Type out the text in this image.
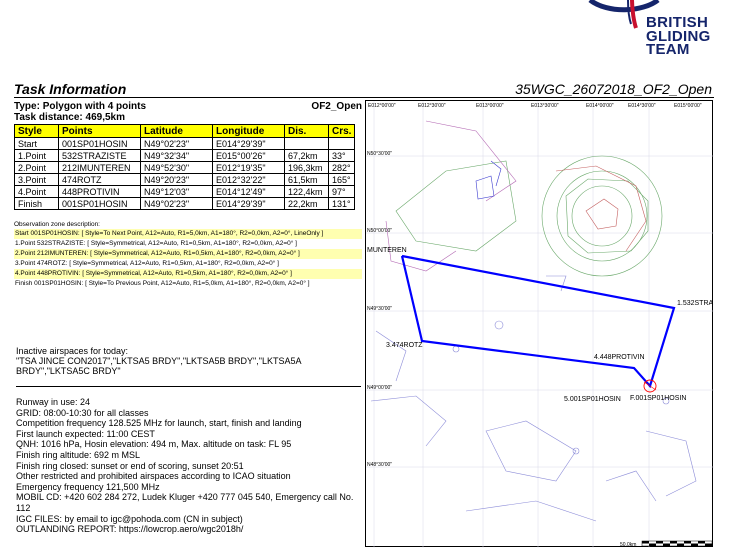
BRITISH
GLIDING
TEAM
Task Information	35WGC_26072018_OF2_Open
Type: Polygon with 4 points
Task distance: 469,5km
OF2_Open
Style	Points	Latitude	Longitude	Dis.	Crs.
Start	001SP01HOSIN	N49°02'23"	E014°29'39"		
1.Point	532STRAZISTE	N49°32'34"	E015°00'26"	67,2km	33°
2.Point	212IMUNTEREN	N49°52'30"	E012°19'35"	196,3km	282°
3.Point	474ROTZ	N49°20'23"	E012°32'22"	61,5km	165°
4.Point	448PROTIVIN	N49°12'03"	E014°12'49"	122,4km	97°
Finish	001SP01HOSIN	N49°02'23"	E014°29'39"	22,2km	131°
Observation zone description:
Start 001SP01HOSIN: [ Style=To Next Point, A12=Auto, R1=5,0km, A1=180°, R2=0,0km, A2=0°, LineOnly ]
1.Point 532STRAZISTE: [ Style=Symmetrical, A12=Auto, R1=0,5km, A1=180°, R2=0,0km, A2=0° ]
2.Point 212IMUNTEREN: [ Style=Symmetrical, A12=Auto, R1=0,5km, A1=180°, R2=0,0km, A2=0° ]
3.Point 474ROTZ: [ Style=Symmetrical, A12=Auto, R1=0,5km, A1=180°, R2=0,0km, A2=0° ]
4.Point 448PROTIVIN: [ Style=Symmetrical, A12=Auto, R1=0,5km, A1=180°, R2=0,0km, A2=0° ]
Finish 001SP01HOSIN: [ Style=To Previous Point, A12=Auto, R1=5,0km, A1=180°, R2=0,0km, A2=0° ]
Inactive airspaces for today:
"TSA JINCE CON2017","LKTSA5 BRDY","LKTSA5B BRDY","LKTSA5A BRDY","LKTSA5C BRDY"
Runway in use: 24
GRID: 08:00-10:30 for all classes
Competition frequency 128.525 MHz for launch, start, finish and landing
First launch expected: 11:00 CEST
QNH: 1016 hPa, Hosin elevation: 494 m, Max. altitude on task: FL 95
Finish ring altitude: 692 m MSL
Finish ring closed: sunset or end of scoring, sunset 20:51
Other restricted and prohibited airspaces according to ICAO situation
Emergency frequency 121,500 MHz
MOBIL CD: +420 602 284 272, Ludek Kluger +420 777 045 540, Emergency call No. 112
IGC FILES: by email to igc@pohoda.com (CN in subject)
OUTLANDING REPORT: https://lowcrop.aero/wgc2018h/
E012°00'00"	E012°30'00"	E013°00'00"	E013°30'00"	E014°00'00"	E014°30'00"	E015°00'00"
N50°30'00"
N50°00'00"
N49°30'00"
N49°00'00"
N48°30'00"
MUNTEREN
1.532STRA
3.474ROTZ
4.448PROTIVIN
5.001SP01HOSIN F.001SP01HOSIN
50.0km
